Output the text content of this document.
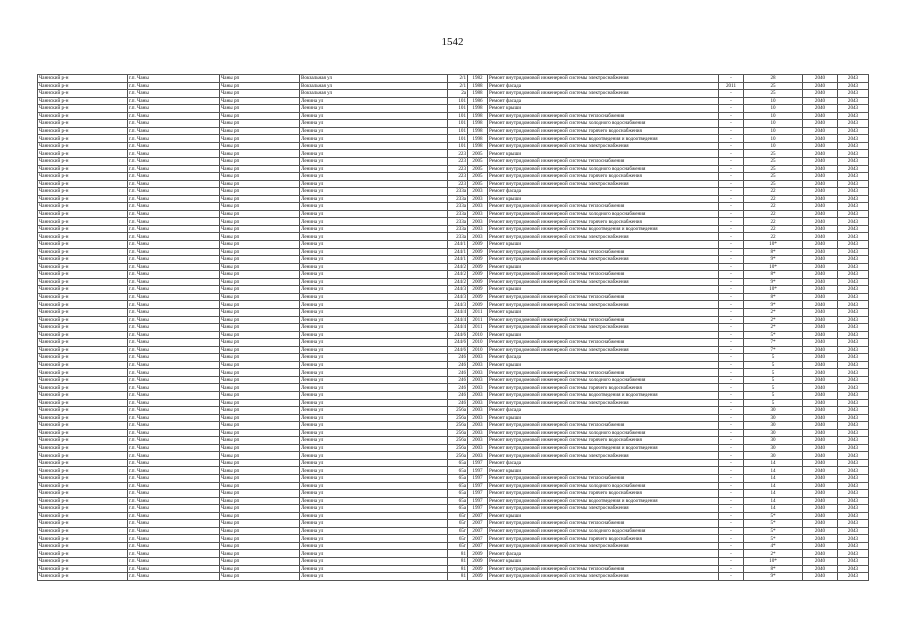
1542
Чаннский р-н	г.п. Чаны	Чаны рп	Вокзальная ул	2/1	1982	Ремонт внутридомовой инженерной системы электроснабжения	-	28	2040	2043
Чаннский р-н	г.п. Чаны	Чаны рп	Вокзальная ул	2/1	1988	Ремонт фасада	2011	25	2040	2043
Чаннский р-н	г.п. Чаны	Чаны рп	Вокзальная ул	2а	1988	Ремонт внутридомовой инженерной системы электроснабжения	-	25	2040	2043
Чаннский р-н	г.п. Чаны	Чаны рп	Ленина ул	101	1986	Ремонт фасада	-	10	2040	2043
Чаннский р-н	г.п. Чаны	Чаны рп	Ленина ул	101	1998	Ремонт крыши	-	10	2040	2043
Чаннский р-н	г.п. Чаны	Чаны рп	Ленина ул	101	1998	Ремонт внутридомовой инженерной системы теплоснабжения	-	10	2040	2043
Чаннский р-н	г.п. Чаны	Чаны рп	Ленина ул	101	1998	Ремонт внутридомовой инженерной системы холодного водоснабжения	-	10	2040	2043
Чаннский р-н	г.п. Чаны	Чаны рп	Ленина ул	101	1998	Ремонт внутридомовой инженерной системы горячего водоснабжения	-	10	2040	2043
Чаннский р-н	г.п. Чаны	Чаны рп	Ленина ул	101	1998	Ремонт внутридомовой инженерной системы водоотведения и водоотведения	-	10	2040	2043
Чаннский р-н	г.п. Чаны	Чаны рп	Ленина ул	101	1998	Ремонт внутридомовой инженерной системы электроснабжения	-	10	2040	2043
Чаннский р-н	г.п. Чаны	Чаны рп	Ленина ул	223	2005	Ремонт крыши	-	25	2040	2043
Чаннский р-н	г.п. Чаны	Чаны рп	Ленина ул	223	2005	Ремонт внутридомовой инженерной системы теплоснабжения	-	25	2040	2043
Чаннский р-н	г.п. Чаны	Чаны рп	Ленина ул	223	2005	Ремонт внутридомовой инженерной системы холодного водоснабжения	-	25	2040	2043
Чаннский р-н	г.п. Чаны	Чаны рп	Ленина ул	223	2005	Ремонт внутридомовой инженерной системы горячего водоснабжения	-	25	2040	2043
Чаннский р-н	г.п. Чаны	Чаны рп	Ленина ул	223	2005	Ремонт внутридомовой инженерной системы электроснабжения	-	25	2040	2043
Чаннский р-н	г.п. Чаны	Чаны рп	Ленина ул	233а	2003	Ремонт фасада	-	22	2040	2043
Чаннский р-н	г.п. Чаны	Чаны рп	Ленина ул	233а	2003	Ремонт крыши	-	22	2040	2043
Чаннский р-н	г.п. Чаны	Чаны рп	Ленина ул	233а	2003	Ремонт внутридомовой инженерной системы теплоснабжения	-	22	2040	2043
Чаннский р-н	г.п. Чаны	Чаны рп	Ленина ул	233а	2003	Ремонт внутридомовой инженерной системы холодного водоснабжения	-	22	2040	2043
Чаннский р-н	г.п. Чаны	Чаны рп	Ленина ул	233а	2003	Ремонт внутридомовой инженерной системы горячего водоснабжения	-	22	2040	2043
Чаннский р-н	г.п. Чаны	Чаны рп	Ленина ул	233а	2003	Ремонт внутридомовой инженерной системы водоотведения и водоотведения	-	22	2040	2043
Чаннский р-н	г.п. Чаны	Чаны рп	Ленина ул	233а	2003	Ремонт внутридомовой инженерной системы электроснабжения	-	22	2040	2043
Чаннский р-н	г.п. Чаны	Чаны рп	Ленина ул	244/1	2009	Ремонт крыши	-	10*	2040	2043
Чаннский р-н	г.п. Чаны	Чаны рп	Ленина ул	244/1	2009	Ремонт внутридомовой инженерной системы теплоснабжения	-	8*	2040	2043
Чаннский р-н	г.п. Чаны	Чаны рп	Ленина ул	244/1	2009	Ремонт внутридомовой инженерной системы электроснабжения	-	9*	2040	2043
Чаннский р-н	г.п. Чаны	Чаны рп	Ленина ул	244/2	2009	Ремонт крыши	-	10*	2040	2043
Чаннский р-н	г.п. Чаны	Чаны рп	Ленина ул	244/2	2009	Ремонт внутридомовой инженерной системы теплоснабжения	-	8*	2040	2043
Чаннский р-н	г.п. Чаны	Чаны рп	Ленина ул	244/2	2009	Ремонт внутридомовой инженерной системы электроснабжения	-	9*	2040	2043
Чаннский р-н	г.п. Чаны	Чаны рп	Ленина ул	244/3	2009	Ремонт крыши	-	10*	2040	2043
Чаннский р-н	г.п. Чаны	Чаны рп	Ленина ул	244/3	2009	Ремонт внутридомовой инженерной системы теплоснабжения	-	8*	2040	2043
Чаннский р-н	г.п. Чаны	Чаны рп	Ленина ул	244/3	2009	Ремонт внутридомовой инженерной системы электроснабжения	-	9*	2040	2043
Чаннский р-н	г.п. Чаны	Чаны рп	Ленина ул	244/4	2011	Ремонт крыши	-	2*	2040	2043
Чаннский р-н	г.п. Чаны	Чаны рп	Ленина ул	244/4	2011	Ремонт внутридомовой инженерной системы теплоснабжения	-	2*	2040	2043
Чаннский р-н	г.п. Чаны	Чаны рп	Ленина ул	244/4	2011	Ремонт внутридомовой инженерной системы электроснабжения	-	2*	2040	2043
Чаннский р-н	г.п. Чаны	Чаны рп	Ленина ул	244/6	2010	Ремонт крыши	-	5*	2040	2043
Чаннский р-н	г.п. Чаны	Чаны рп	Ленина ул	244/6	2010	Ремонт внутридомовой инженерной системы теплоснабжения	-	7*	2040	2043
Чаннский р-н	г.п. Чаны	Чаны рп	Ленина ул	244/6	2010	Ремонт внутридомовой инженерной системы электроснабжения	-	7*	2040	2043
Чаннский р-н	г.п. Чаны	Чаны рп	Ленина ул	246	2003	Ремонт фасада	-	5	2040	2043
Чаннский р-н	г.п. Чаны	Чаны рп	Ленина ул	246	2003	Ремонт крыши	-	5	2040	2043
Чаннский р-н	г.п. Чаны	Чаны рп	Ленина ул	246	2003	Ремонт внутридомовой инженерной системы теплоснабжения	-	5	2040	2043
Чаннский р-н	г.п. Чаны	Чаны рп	Ленина ул	246	2003	Ремонт внутридомовой инженерной системы холодного водоснабжения	-	5	2040	2043
Чаннский р-н	г.п. Чаны	Чаны рп	Ленина ул	246	2003	Ремонт внутридомовой инженерной системы горячего водоснабжения	-	5	2040	2043
Чаннский р-н	г.п. Чаны	Чаны рп	Ленина ул	246	2003	Ремонт внутридомовой инженерной системы водоотведения и водоотведения	-	5	2040	2043
Чаннский р-н	г.п. Чаны	Чаны рп	Ленина ул	246	2003	Ремонт внутридомовой инженерной системы электроснабжения	-	5	2040	2043
Чаннский р-н	г.п. Чаны	Чаны рп	Ленина ул	256а	2003	Ремонт фасада	-	30	2040	2043
Чаннский р-н	г.п. Чаны	Чаны рп	Ленина ул	256а	2003	Ремонт крыши	-	30	2040	2043
Чаннский р-н	г.п. Чаны	Чаны рп	Ленина ул	256а	2003	Ремонт внутридомовой инженерной системы теплоснабжения	-	30	2040	2043
Чаннский р-н	г.п. Чаны	Чаны рп	Ленина ул	256а	2003	Ремонт внутридомовой инженерной системы холодного водоснабжения	-	30	2040	2043
Чаннский р-н	г.п. Чаны	Чаны рп	Ленина ул	256а	2003	Ремонт внутридомовой инженерной системы горячего водоснабжения	-	30	2040	2043
Чаннский р-н	г.п. Чаны	Чаны рп	Ленина ул	256а	2003	Ремонт внутридомовой инженерной системы водоотведения и водоотведения	-	30	2040	2043
Чаннский р-н	г.п. Чаны	Чаны рп	Ленина ул	256а	2003	Ремонт внутридомовой инженерной системы электроснабжения	-	30	2040	2043
Чаннский р-н	г.п. Чаны	Чаны рп	Ленина ул	65а	1997	Ремонт фасада	-	14	2040	2043
Чаннский р-н	г.п. Чаны	Чаны рп	Ленина ул	65а	1997	Ремонт крыши	-	14	2040	2043
Чаннский р-н	г.п. Чаны	Чаны рп	Ленина ул	65а	1997	Ремонт внутридомовой инженерной системы теплоснабжения	-	14	2040	2043
Чаннский р-н	г.п. Чаны	Чаны рп	Ленина ул	65а	1997	Ремонт внутридомовой инженерной системы холодного водоснабжения	-	14	2040	2043
Чаннский р-н	г.п. Чаны	Чаны рп	Ленина ул	65а	1997	Ремонт внутридомовой инженерной системы горячего водоснабжения	-	14	2040	2043
Чаннский р-н	г.п. Чаны	Чаны рп	Ленина ул	65а	1997	Ремонт внутридомовой инженерной системы водоотведения и водоотведения	-	14	2040	2043
Чаннский р-н	г.п. Чаны	Чаны рп	Ленина ул	65а	1997	Ремонт внутридомовой инженерной системы электроснабжения	-	14	2040	2043
Чаннский р-н	г.п. Чаны	Чаны рп	Ленина ул	65г	2007	Ремонт крыши	-	5*	2040	2043
Чаннский р-н	г.п. Чаны	Чаны рп	Ленина ул	65г	2007	Ремонт внутридомовой инженерной системы теплоснабжения	-	5*	2040	2043
Чаннский р-н	г.п. Чаны	Чаны рп	Ленина ул	65г	2007	Ремонт внутридомовой инженерной системы холодного водоснабжения	-	5*	2040	2043
Чаннский р-н	г.п. Чаны	Чаны рп	Ленина ул	65г	2007	Ремонт внутридомовой инженерной системы горячего водоснабжения	-	5*	2040	2043
Чаннский р-н	г.п. Чаны	Чаны рп	Ленина ул	65г	2007	Ремонт внутридомовой инженерной системы электроснабжения	-	4*	2040	2043
Чаннский р-н	г.п. Чаны	Чаны рп	Ленина ул	81	2009	Ремонт фасада	-	2*	2040	2043
Чаннский р-н	г.п. Чаны	Чаны рп	Ленина ул	81	2009	Ремонт крыши	-	10*	2040	2043
Чаннский р-н	г.п. Чаны	Чаны рп	Ленина ул	81	2009	Ремонт внутридомовой инженерной системы теплоснабжения	-	8*	2040	2043
Чаннский р-н	г.п. Чаны	Чаны рп	Ленина ул	81	2009	Ремонт внутридомовой инженерной системы электроснабжения	-	9*	2040	2043
